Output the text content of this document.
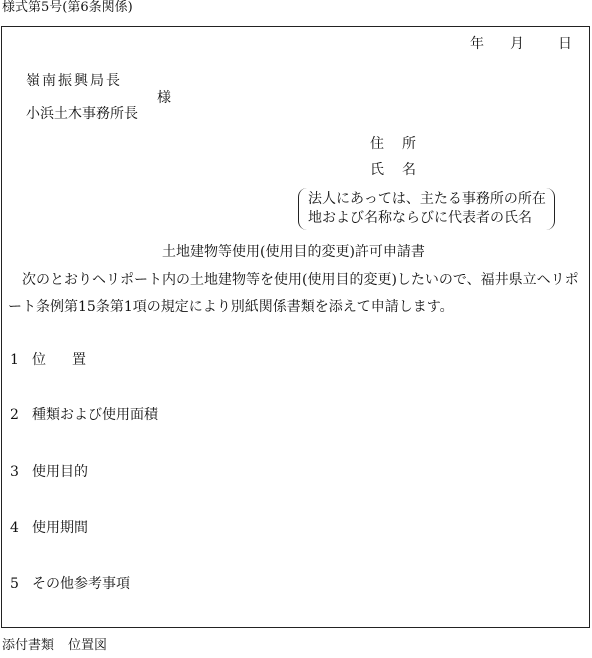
様式第5号(第6条関係)
年 月 日
嶺南振興局長
小浜土木事務所長
様
住 所
氏 名
法人にあっては、主たる事務所の所在
地および名称ならびに代表者の氏名
土地建物等使用(使用目的変更)許可申請書
次のとおりヘリポート内の土地建物等を使用(使用目的変更)したいので、福井県立ヘリポート条例第15条第1項の規定により別紙関係書類を添えて申請します。
1 位 置
2 種類および使用面積
3 使用目的
4 使用期間
5 その他参考事項
添付書類 位置図
